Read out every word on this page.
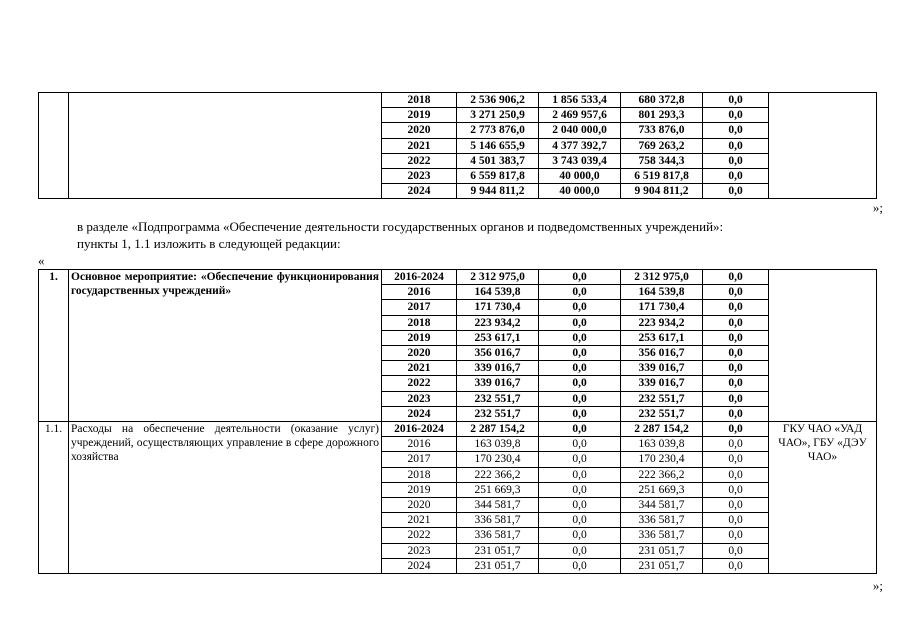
		2018	2 536 906,2	1 856 533,4	680 372,8	0,0	
		2019	3 271 250,9	2 469 957,6	801 293,3	0,0	
		2020	2 773 876,0	2 040 000,0	733 876,0	0,0	
		2021	5 146 655,9	4 377 392,7	769 263,2	0,0	
		2022	4 501 383,7	3 743 039,4	758 344,3	0,0	
		2023	6 559 817,8	40 000,0	6 519 817,8	0,0	
		2024	9 944 811,2	40 000,0	9 904 811,2	0,0	
»;
в разделе «Подпрограмма «Обеспечение деятельности государственных органов и подведомственных учреждений»:
пункты 1, 1.1 изложить в следующей редакции:
«
1.	Основное мероприятие: «Обеспечение функционирования государственных учреждений»	2016-2024	2 312 975,0	0,0	2 312 975,0	0,0	
		2016	164 539,8	0,0	164 539,8	0,0	
		2017	171 730,4	0,0	171 730,4	0,0	
		2018	223 934,2	0,0	223 934,2	0,0	
		2019	253 617,1	0,0	253 617,1	0,0	
		2020	356 016,7	0,0	356 016,7	0,0	
		2021	339 016,7	0,0	339 016,7	0,0	
		2022	339 016,7	0,0	339 016,7	0,0	
		2023	232 551,7	0,0	232 551,7	0,0	
		2024	232 551,7	0,0	232 551,7	0,0	
1.1.	Расходы на обеспечение деятельности (оказание услуг) учреждений, осуществляющих управление в сфере дорожного хозяйства	2016-2024	2 287 154,2	0,0	2 287 154,2	0,0	ГКУ ЧАО «УАД ЧАО», ГБУ «ДЭУ ЧАО»
		2016	163 039,8	0,0	163 039,8	0,0	
		2017	170 230,4	0,0	170 230,4	0,0	
		2018	222 366,2	0,0	222 366,2	0,0	
		2019	251 669,3	0,0	251 669,3	0,0	
		2020	344 581,7	0,0	344 581,7	0,0	
		2021	336 581,7	0,0	336 581,7	0,0	
		2022	336 581,7	0,0	336 581,7	0,0	
		2023	231 051,7	0,0	231 051,7	0,0	
		2024	231 051,7	0,0	231 051,7	0,0	
»;
